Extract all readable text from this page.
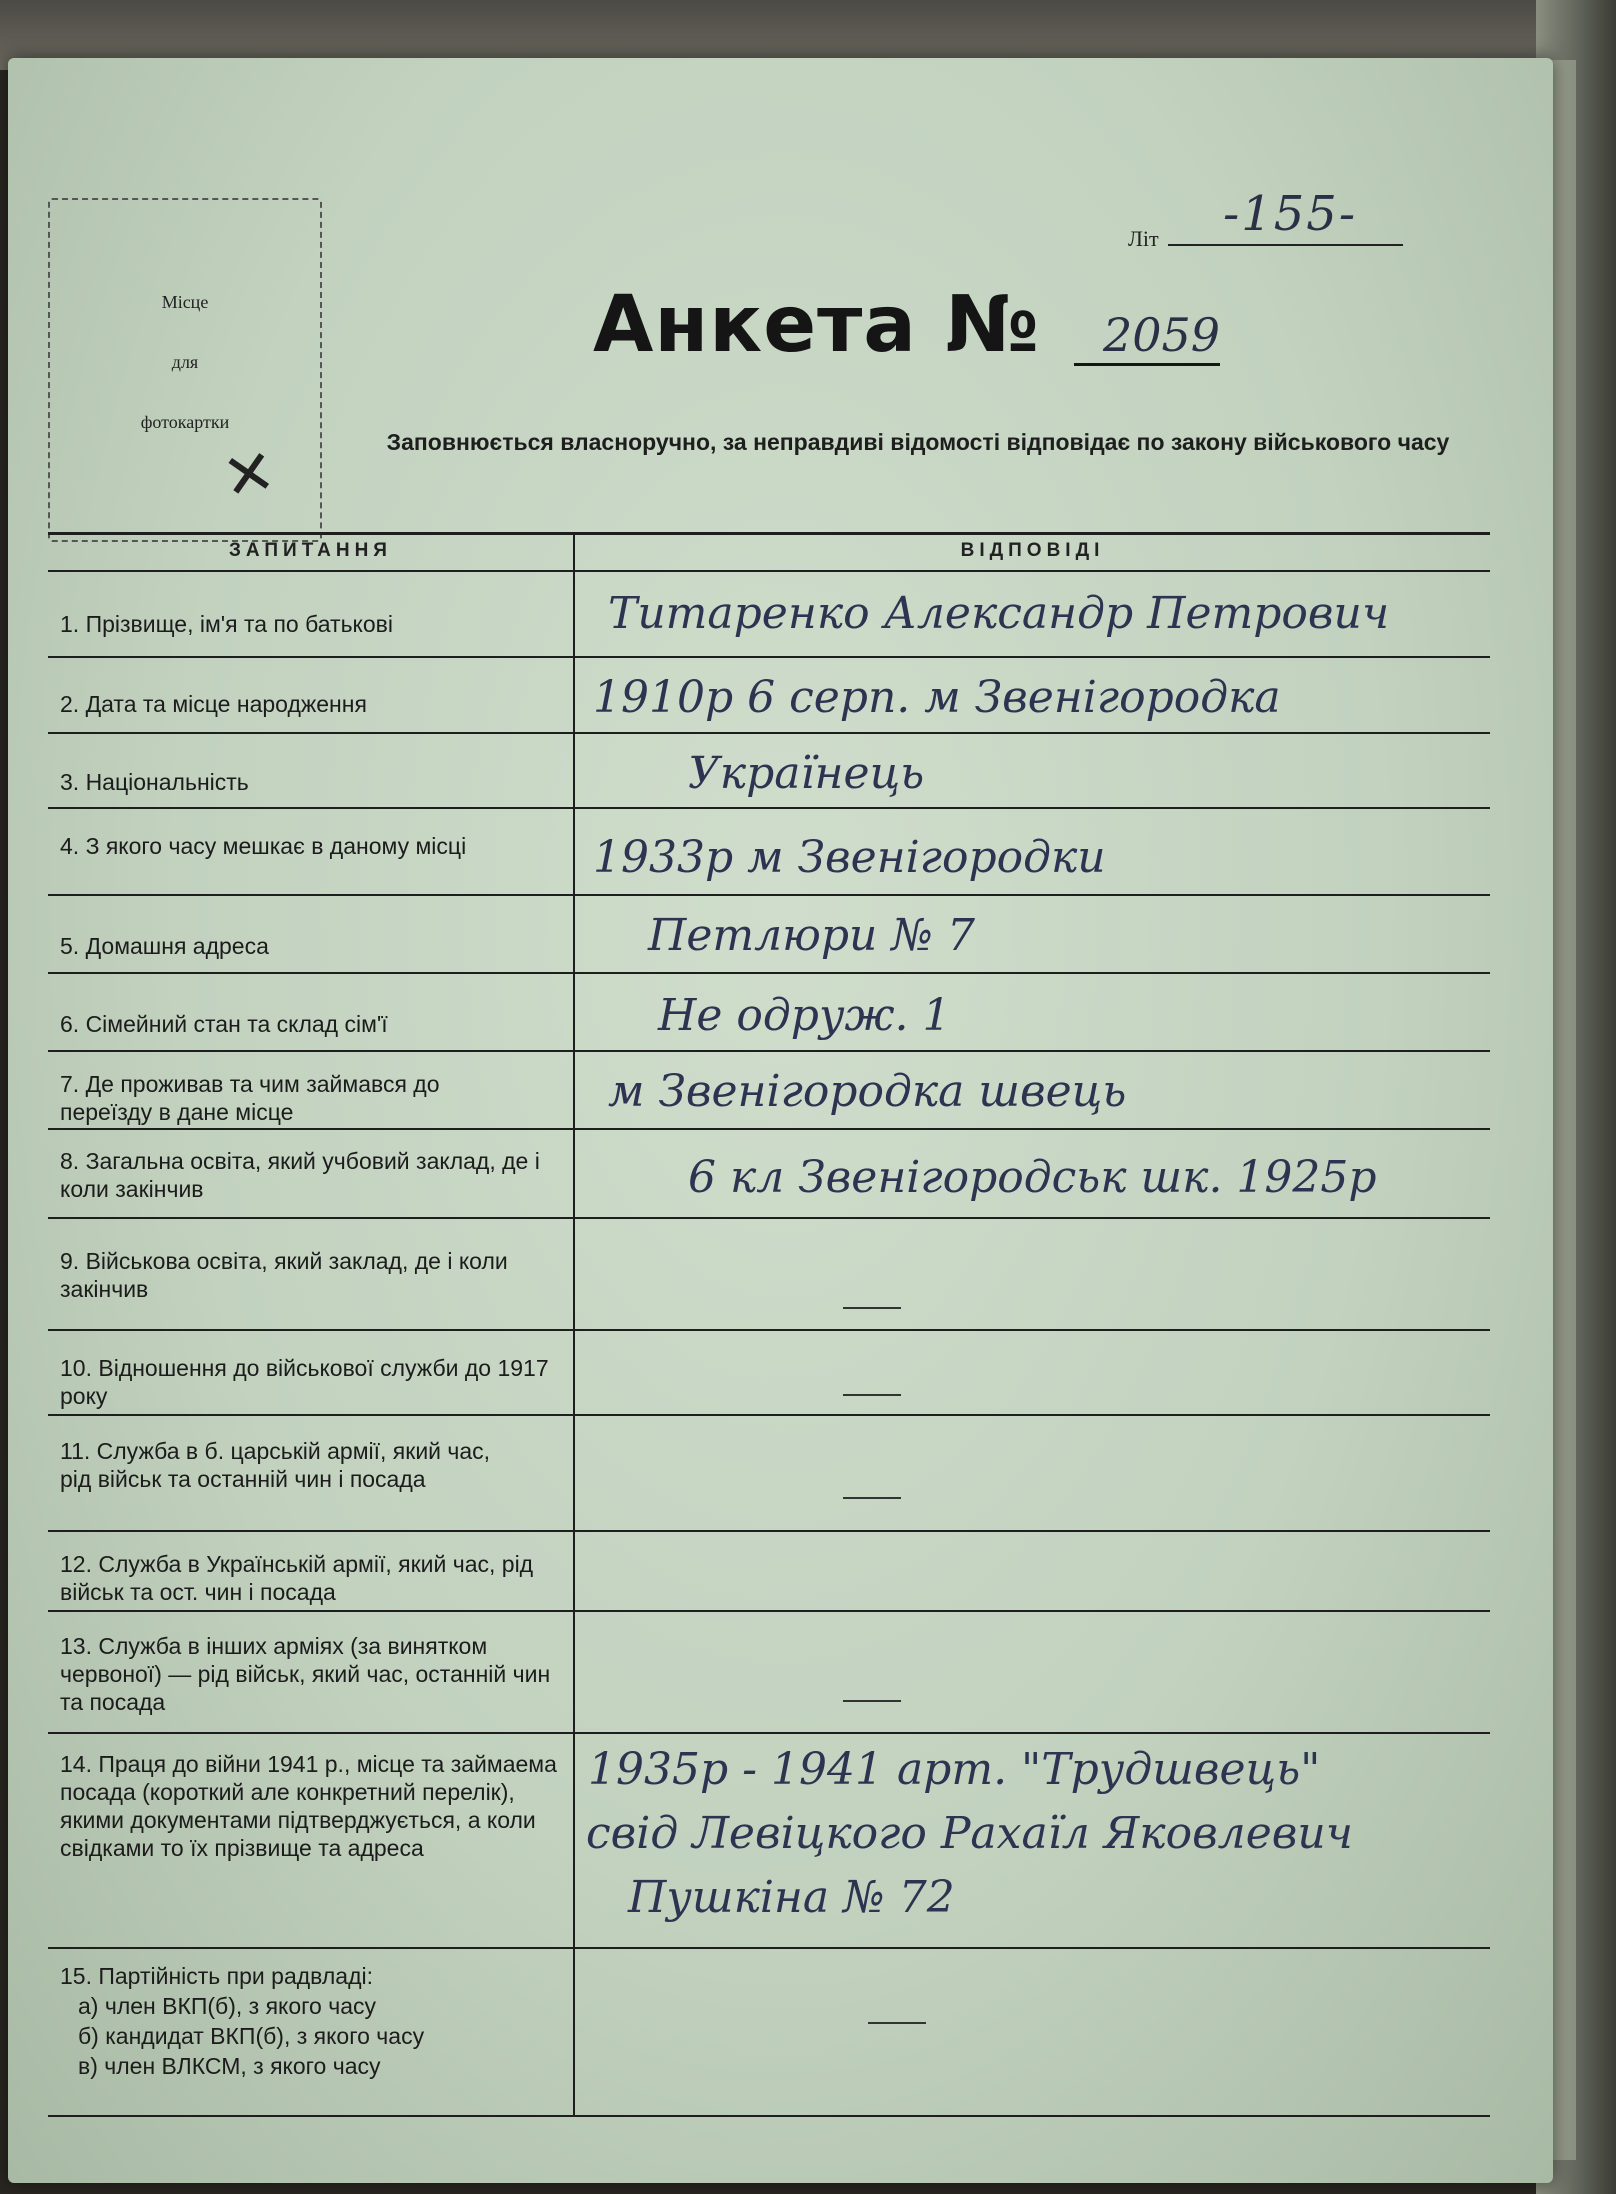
Літ -155-
Місце
для
фотокартки
✕
Анкета № 2059
Заповнюється власноручно, за неправдиві відомості відповідає по закону військового часу
ЗАПИТАННЯ	ВІДПОВІДІ
1. Прізвище, ім'я та по батькові	Титаренко Александр Петрович
2. Дата та місце народження	1910р 6 серп. м Звенігородка
3. Національність	Українець
4. З якого часу мешкає в даному місці	1933р м Звенігородки
5. Домашня адреса	Петлюри № 7
6. Сімейний стан та склад сім'ї	Не одруж. 1
7. Де проживав та чим займався до переїзду в дане місце	м Звенігородка швець
8. Загальна освіта, який учбовий заклад, де і коли закінчив	6 кл Звенігородськ шк. 1925р
9. Військова освіта, який заклад, де і коли закінчив
10. Відношення до військової служби до 1917 року
11. Служба в б. царській армії, який час, рід військ та останній чин і посада
12. Служба в Українській армії, який час, рід військ та ост. чин і посада
13. Служба в інших арміях (за винятком червоної) — рід військ, який час, останній чин та посада
14. Праця до війни 1941 р., місце та займаема посада (короткий але конкретний перелік), якими документами підтверджується, а коли свідками то їх прізвище та адреса
1935р - 1941 арт. "Трудшвець"
свід Левіцкого Рахаїл Яковлевич
Пушкіна № 72
15. Партійність при радвладі:
а) член ВКП(б), з якого часу
б) кандидат ВКП(б), з якого часу
в) член ВЛКСМ, з якого часу
